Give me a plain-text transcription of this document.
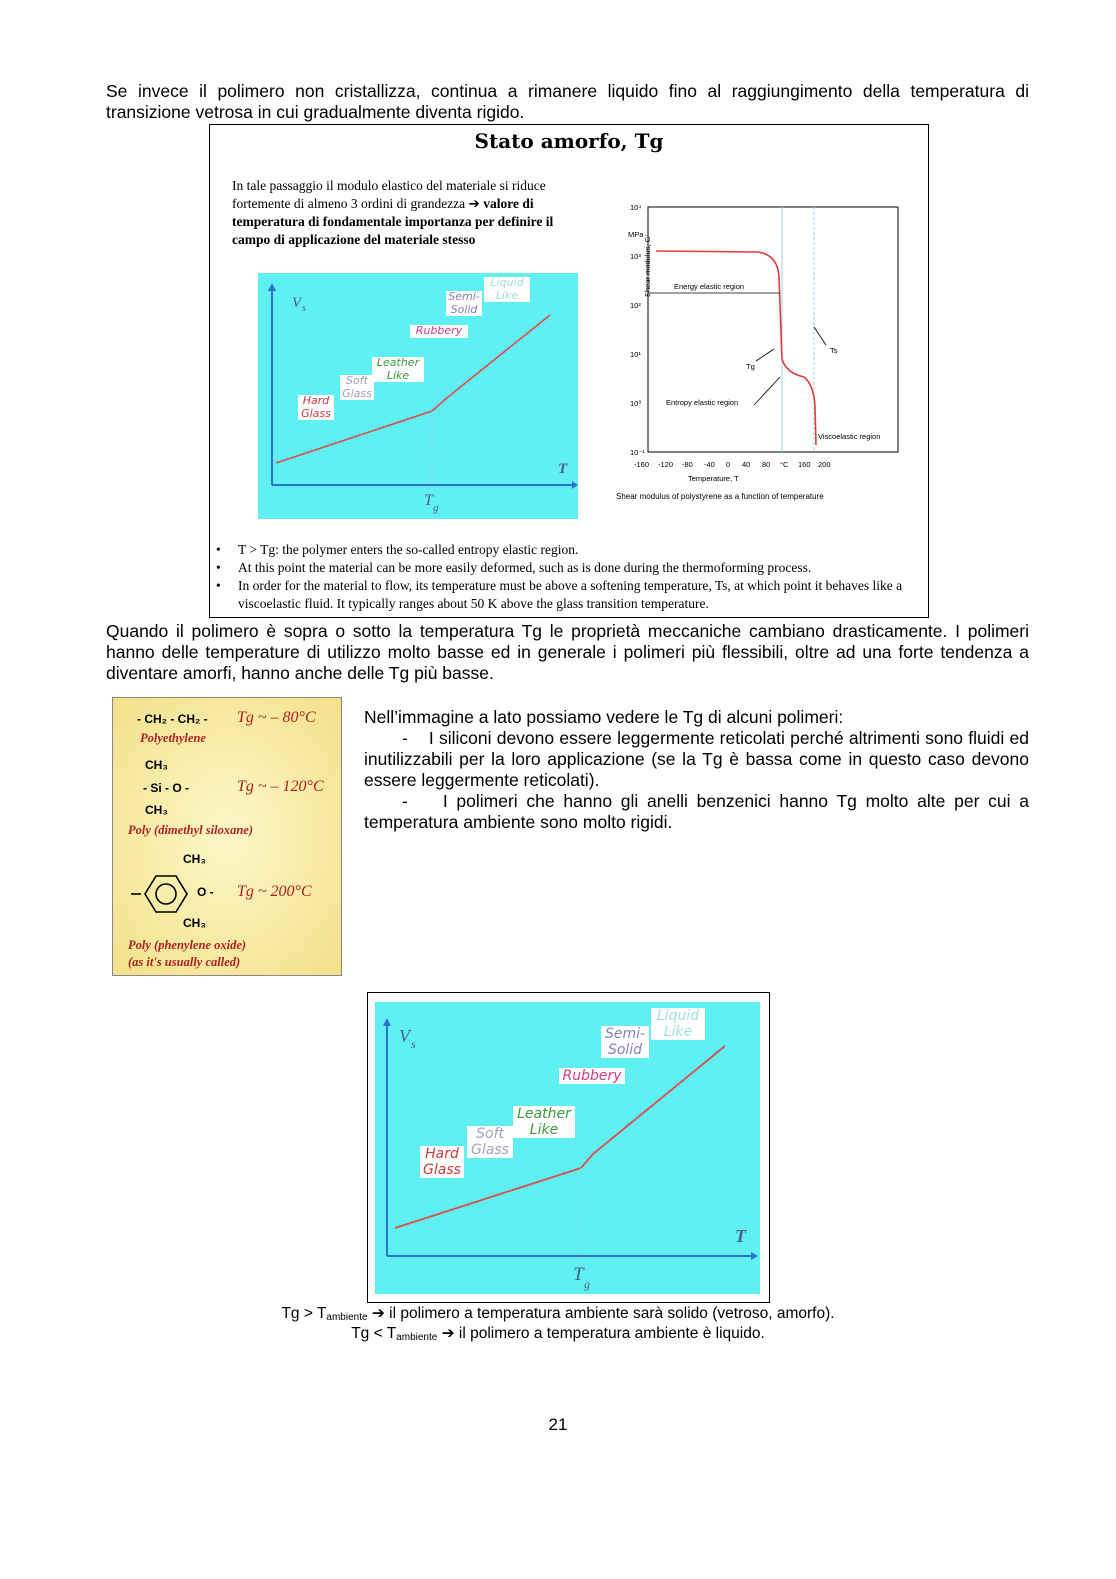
Se invece il polimero non cristallizza, continua a rimanere liquido fino al raggiungimento della temperatura di transizione vetrosa in cui gradualmente diventa rigido.
Stato amorfo, Tg
In tale passaggio il modulo elastico del materiale si riduce fortemente di almeno 3 ordini di grandezza ➔ valore di temperatura di fondamentale importanza per definire il campo di applicazione del materiale stesso
V s
T
T g
Hard Glass
Soft Glass
Leather Like
Rubbery
Semi-Solid
Liquid Like	Shear modulus, G'
MPa
10⁴
10³
10²
10¹
10⁰
10⁻¹
-160 -120 -80 -40 0 40 80 °C 160 200
Temperature, T
Energy elastic region
Entropy elastic region
Viscoelastic region
Tg
Ts
Shear modulus of polystyrene as a function of temperature
• T > Tg: the polymer enters the so-called entropy elastic region.
• At this point the material can be more easily deformed, such as is done during the thermoforming process.
• In order for the material to flow, its temperature must be above a softening temperature, Ts, at which point it behaves like a viscoelastic fluid. It typically ranges about 50 K above the glass transition temperature.
Quando il polimero è sopra o sotto la temperatura Tg le proprietà meccaniche cambiano drasticamente. I polimeri hanno delle temperature di utilizzo molto basse ed in generale i polimeri più flessibili, oltre ad una forte tendenza a diventare amorfi, hanno anche delle Tg più basse.
- CH₂ - CH₂ - Tg ~ – 80°C
Polyethylene
CH₃
- Si - O -
CH₃
Tg ~ – 120°C
Poly (dimethyl siloxane)
CH₃
O -
CH₃
Tg ~ 200°C
Poly (phenylene oxide)
(as it's usually called)
Nell’immagine a lato possiamo vedere le Tg di alcuni polimeri:
- I siliconi devono essere leggermente reticolati perché altrimenti sono fluidi ed inutilizzabili per la loro applicazione (se la Tg è bassa come in questo caso devono essere leggermente reticolati).
- I polimeri che hanno gli anelli benzenici hanno Tg molto alte per cui a temperatura ambiente sono molto rigidi.
V s
T
T g
Hard Glass
Soft Glass
Leather Like
Rubbery
Semi-Solid
Liquid Like
$Tg > T_{ambiente}$ ➔ il polimero a temperatura ambiente sarà solido (vetroso, amorfo).
$Tg < T_{ambiente}$ ➔ il polimero a temperatura ambiente è liquido.
21
